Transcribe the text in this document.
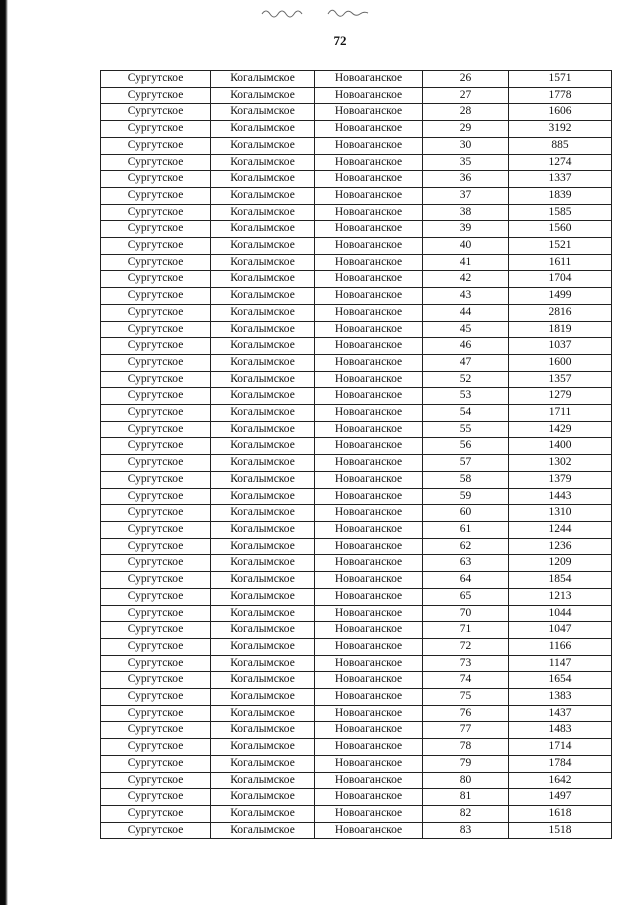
72
Сургутское	Когалымское	Новоаганское	26	1571
Сургутское	Когалымское	Новоаганское	27	1778
Сургутское	Когалымское	Новоаганское	28	1606
Сургутское	Когалымское	Новоаганское	29	3192
Сургутское	Когалымское	Новоаганское	30	885
Сургутское	Когалымское	Новоаганское	35	1274
Сургутское	Когалымское	Новоаганское	36	1337
Сургутское	Когалымское	Новоаганское	37	1839
Сургутское	Когалымское	Новоаганское	38	1585
Сургутское	Когалымское	Новоаганское	39	1560
Сургутское	Когалымское	Новоаганское	40	1521
Сургутское	Когалымское	Новоаганское	41	1611
Сургутское	Когалымское	Новоаганское	42	1704
Сургутское	Когалымское	Новоаганское	43	1499
Сургутское	Когалымское	Новоаганское	44	2816
Сургутское	Когалымское	Новоаганское	45	1819
Сургутское	Когалымское	Новоаганское	46	1037
Сургутское	Когалымское	Новоаганское	47	1600
Сургутское	Когалымское	Новоаганское	52	1357
Сургутское	Когалымское	Новоаганское	53	1279
Сургутское	Когалымское	Новоаганское	54	1711
Сургутское	Когалымское	Новоаганское	55	1429
Сургутское	Когалымское	Новоаганское	56	1400
Сургутское	Когалымское	Новоаганское	57	1302
Сургутское	Когалымское	Новоаганское	58	1379
Сургутское	Когалымское	Новоаганское	59	1443
Сургутское	Когалымское	Новоаганское	60	1310
Сургутское	Когалымское	Новоаганское	61	1244
Сургутское	Когалымское	Новоаганское	62	1236
Сургутское	Когалымское	Новоаганское	63	1209
Сургутское	Когалымское	Новоаганское	64	1854
Сургутское	Когалымское	Новоаганское	65	1213
Сургутское	Когалымское	Новоаганское	70	1044
Сургутское	Когалымское	Новоаганское	71	1047
Сургутское	Когалымское	Новоаганское	72	1166
Сургутское	Когалымское	Новоаганское	73	1147
Сургутское	Когалымское	Новоаганское	74	1654
Сургутское	Когалымское	Новоаганское	75	1383
Сургутское	Когалымское	Новоаганское	76	1437
Сургутское	Когалымское	Новоаганское	77	1483
Сургутское	Когалымское	Новоаганское	78	1714
Сургутское	Когалымское	Новоаганское	79	1784
Сургутское	Когалымское	Новоаганское	80	1642
Сургутское	Когалымское	Новоаганское	81	1497
Сургутское	Когалымское	Новоаганское	82	1618
Сургутское	Когалымское	Новоаганское	83	1518
